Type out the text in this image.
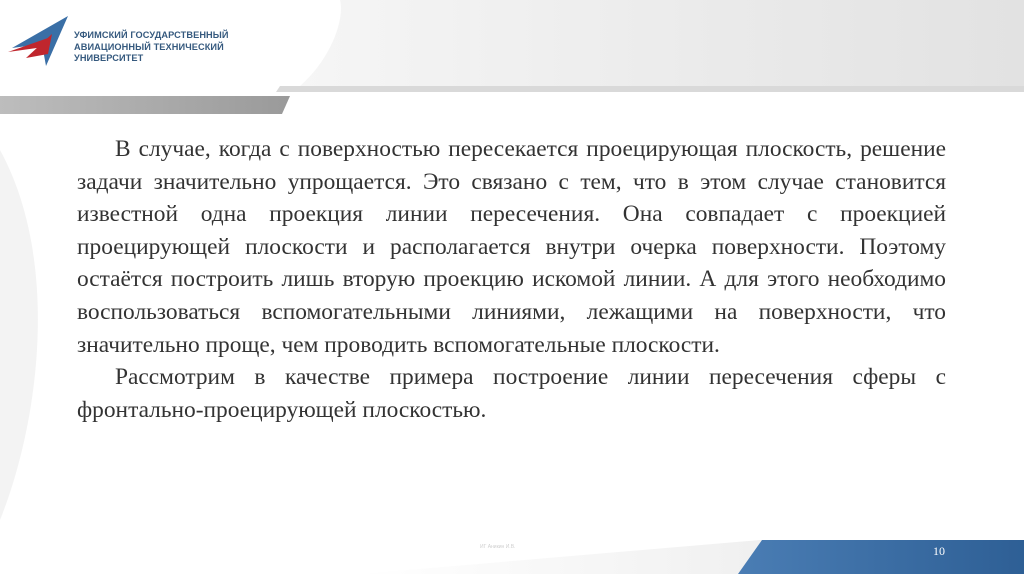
УФИМСКИЙ ГОСУДАРСТВЕННЫЙ
АВИАЦИОННЫЙ ТЕХНИЧЕСКИЙ
УНИВЕРСИТЕТ

В случае, когда с поверхностью пересекается проецирующая плоскость, решение задачи значительно упрощается. Это связано с тем, что в этом случае становится известной одна проекция линии пересечения. Она совпадает с проекцией проецирующей плоскости и располагается внутри очерка поверхности. Поэтому остаётся построить лишь вторую проекцию искомой линии. А для этого необходимо воспользоваться вспомогательными линиями, лежащими на поверхности, что значительно проще, чем проводить вспомогательные плоскости.

Рассмотрим в качестве примера построение линии пересечения сферы с фронтально-проецирующей плоскостью.

ИГ Аникин И.В.	10
